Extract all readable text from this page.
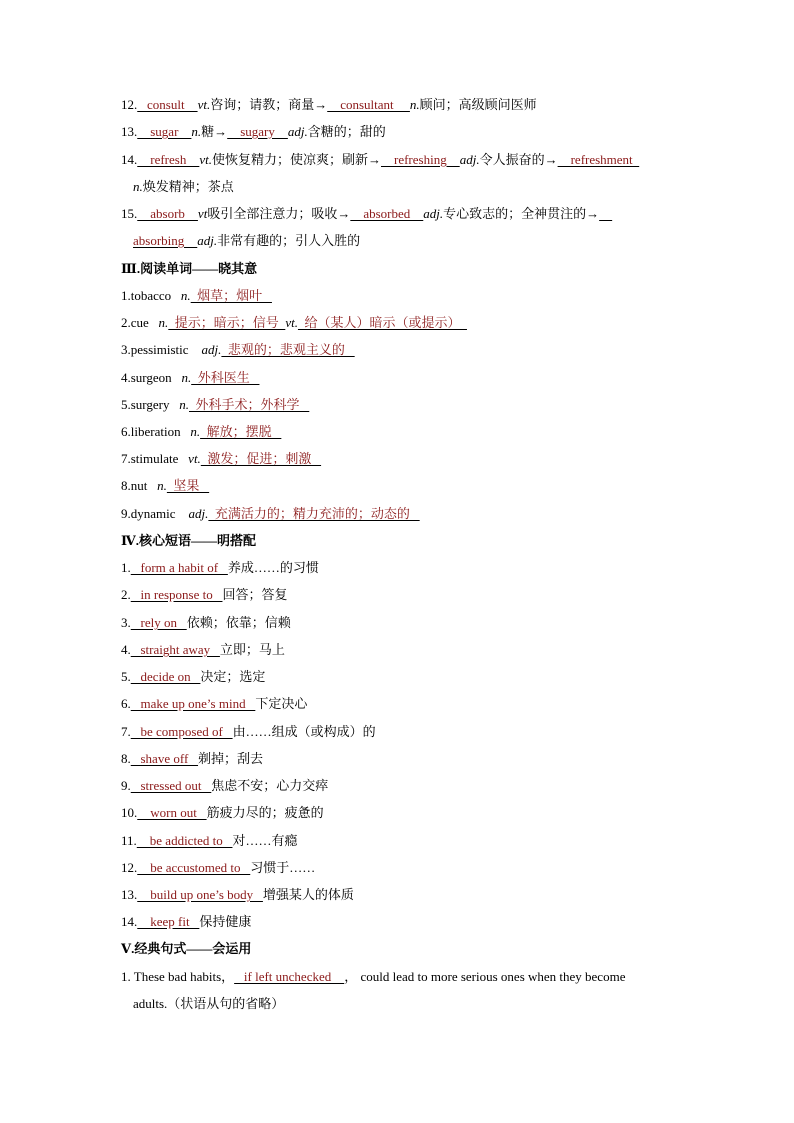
12.   consult    vt.咨询；请教；商量→    consultant     n.顾问；高级顾问医师
13.    sugar    n.糖→    sugary    adj.含糖的；甜的
14.    refresh    vt.使恢复精力；使凉爽；刷新→    refreshing    adj.令人振奋的→    refreshment
n.焕发精神；茶点
15.    absorb    vt吸引全部注意力；吸收→    absorbed    adj.专心致志的；全神贯注的→
absorbing    adj.非常有趣的；引人入胜的
Ⅲ.阅读单词——晓其意
1.tobacco n.  烟草；烟叶
2.cue n.  提示；暗示；信号  vt.  给（某人）暗示（或提示）
3.pessimistic adj.  悲观的；悲观主义的
4.surgeon n.  外科医生
5.surgery n.  外科手术；外科学
6.liberation n.  解放；摆脱
7.stimulate vt.  激发；促进；刺激
8.nut n.  坚果
9.dynamic adj.  充满活力的；精力充沛的；动态的
Ⅳ.核心短语——明搭配
1.   form a habit of   养成……的习惯
2.   in response to   回答；答复
3.   rely on   依赖；依靠；信赖
4.   straight away   立即；马上
5.   decide on   决定；选定
6.   make up one’s mind   下定决心
7.   be composed of   由……组成（或构成）的
8.   shave off   剃掉；刮去
9.   stressed out   焦虑不安；心力交瘁
10.    worn out   筋疲力尽的；疲惫的
11.    be addicted to   对……有瘾
12.    be accustomed to   习惯于……
13.    build up one’s body   增强某人的体质
14.    keep fit   保持健康
Ⅴ.经典句式——会运用
1. These bad habits，   if left unchecked    ， could lead to more serious ones when they become
adults.（状语从句的省略）
